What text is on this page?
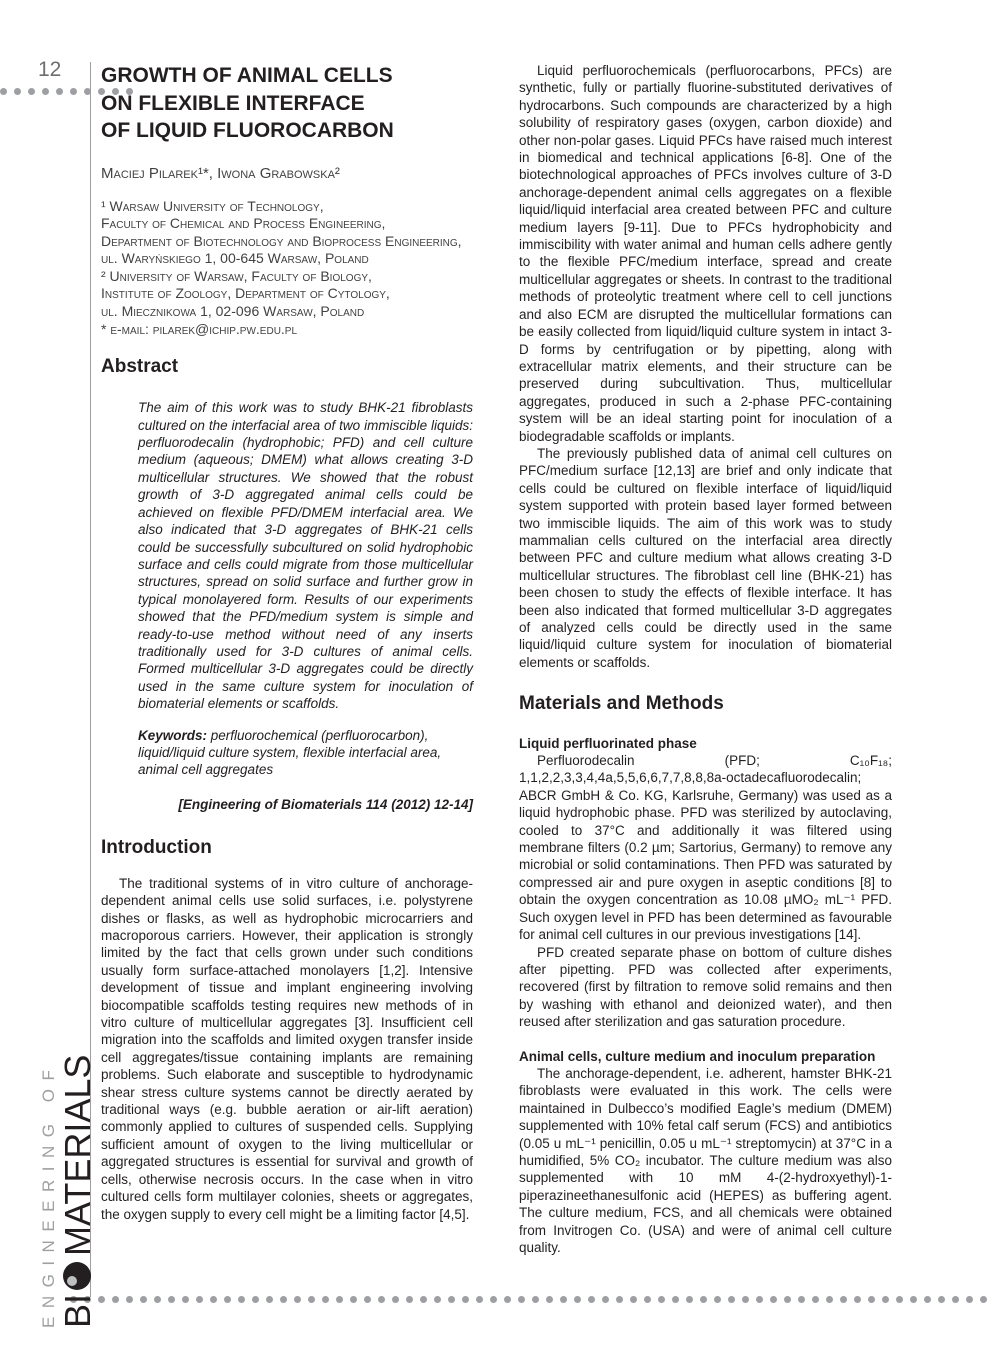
12
ENGINEERING OF BIMATERIALS
GROWTH OF ANIMAL CELLS
ON FLEXIBLE INTERFACE
OF LIQUID FLUOROCARBON
Maciej Pilarek¹*, Iwona Grabowska²
¹ Warsaw University of Technology,
Faculty of Chemical and Process Engineering,
Department of Biotechnology and Bioprocess Engineering,
ul. Waryńskiego 1, 00-645 Warsaw, Poland
² University of Warsaw, Faculty of Biology,
Institute of Zoology, Department of Cytology,
ul. Miecznikowa 1, 02-096 Warsaw, Poland
* e-mail: pilarek@ichip.pw.edu.pl
Abstract
The aim of this work was to study BHK-21 fibroblasts cultured on the interfacial area of two immiscible liquids: perfluorodecalin (hydrophobic; PFD) and cell culture medium (aqueous; DMEM) what allows creating 3-D multicellular structures. We showed that the robust growth of 3-D aggregated animal cells could be achieved on flexible PFD/DMEM interfacial area. We also indicated that 3-D aggregates of BHK-21 cells could be successfully subcultured on solid hydrophobic surface and cells could migrate from those multicellular structures, spread on solid surface and further grow in typical monolayered form. Results of our experiments showed that the PFD/medium system is simple and ready-to-use method without need of any inserts traditionally used for 3-D cultures of animal cells. Formed multicellular 3-D aggregates could be directly used in the same culture system for inoculation of biomaterial elements or scaffolds.
Keywords: perfluorochemical (perfluorocarbon), liquid/liquid culture system, flexible interfacial area, animal cell aggregates
[Engineering of Biomaterials 114 (2012) 12-14]
Introduction

The traditional systems of in vitro culture of anchorage-dependent animal cells use solid surfaces, i.e. polystyrene dishes or flasks, as well as hydrophobic microcarriers and macroporous carriers. However, their application is strongly limited by the fact that cells grown under such conditions usually form surface-attached monolayers [1,2]. Intensive development of tissue and implant engineering involving biocompatible scaffolds testing requires new methods of in vitro culture of multicellular aggregates [3]. Insufficient cell migration into the scaffolds and limited oxygen transfer inside cell aggregates/tissue containing implants are remaining problems. Such elaborate and susceptible to hydrodynamic shear stress culture systems cannot be directly aerated by traditional ways (e.g. bubble aeration or air-lift aeration) commonly applied to cultures of suspended cells. Supplying sufficient amount of oxygen to the living multicellular or aggregated structures is essential for survival and growth of cells, otherwise necrosis occurs. In the case when in vitro cultured cells form multilayer colonies, sheets or aggregates, the oxygen supply to every cell might be a limiting factor [4,5].

Liquid perfluorochemicals (perfluorocarbons, PFCs) are synthetic, fully or partially fluorine-substituted derivatives of hydrocarbons. Such compounds are characterized by a high solubility of respiratory gases (oxygen, carbon dioxide) and other non-polar gases. Liquid PFCs have raised much interest in biomedical and technical applications [6-8]. One of the biotechnological approaches of PFCs involves culture of 3-D anchorage-dependent animal cells aggregates on a flexible liquid/liquid interfacial area created between PFC and culture medium layers [9-11]. Due to PFCs hydrophobicity and immiscibility with water animal and human cells adhere gently to the flexible PFC/medium interface, spread and create multicellular aggregates or sheets. In contrast to the traditional methods of proteolytic treatment where cell to cell junctions and also ECM are disrupted the multicellular formations can be easily collected from liquid/liquid culture system in intact 3-D forms by centrifugation or by pipetting, along with extracellular matrix elements, and their structure can be preserved during subcultivation. Thus, multicellular aggregates, produced in such a 2-phase PFC-containing system will be an ideal starting point for inoculation of a biodegradable scaffolds or implants.

The previously published data of animal cell cultures on PFC/medium surface [12,13] are brief and only indicate that cells could be cultured on flexible interface of liquid/liquid system supported with protein based layer formed between two immiscible liquids. The aim of this work was to study mammalian cells cultured on the interfacial area directly between PFC and culture medium what allows creating 3-D multicellular structures. The fibroblast cell line (BHK-21) has been chosen to study the effects of flexible interface. It has been also indicated that formed multicellular 3-D aggregates of analyzed cells could be directly used in the same liquid/liquid culture system for inoculation of biomaterial elements or scaffolds.

Materials and Methods
Liquid perfluorinated phase

Perfluorodecalin (PFD; C₁₀F₁₈; 1,1,2,2,3,3,4,4a,5,5,6,6,7,7,8,8,8a-octadecafluorodecalin; ABCR GmbH & Co. KG, Karlsruhe, Germany) was used as a liquid hydrophobic phase. PFD was sterilized by autoclaving, cooled to 37°C and additionally it was filtered using membrane filters (0.2 µm; Sartorius, Germany) to remove any microbial or solid contaminations. Then PFD was saturated by compressed air and pure oxygen in aseptic conditions [8] to obtain the oxygen concentration as 10.08 µMO₂ mL⁻¹ PFD. Such oxygen level in PFD has been determined as favourable for animal cell cultures in our previous investigations [14].

PFD created separate phase on bottom of culture dishes after pipetting. PFD was collected after experiments, recovered (first by filtration to remove solid remains and then by washing with ethanol and deionized water), and then reused after sterilization and gas saturation procedure.

Animal cells, culture medium and inoculum preparation

The anchorage-dependent, i.e. adherent, hamster BHK-21 fibroblasts were evaluated in this work. The cells were maintained in Dulbecco’s modified Eagle’s medium (DMEM) supplemented with 10% fetal calf serum (FCS) and antibiotics (0.05 u mL⁻¹ penicillin, 0.05 u mL⁻¹ streptomycin) at 37°C in a humidified, 5% CO₂ incubator. The culture medium was also supplemented with 10 mM 4-(2-hydroxyethyl)-1-piperazineethanesulfonic acid (HEPES) as buffering agent. The culture medium, FCS, and all chemicals were obtained from Invitrogen Co. (USA) and were of animal cell culture quality.
